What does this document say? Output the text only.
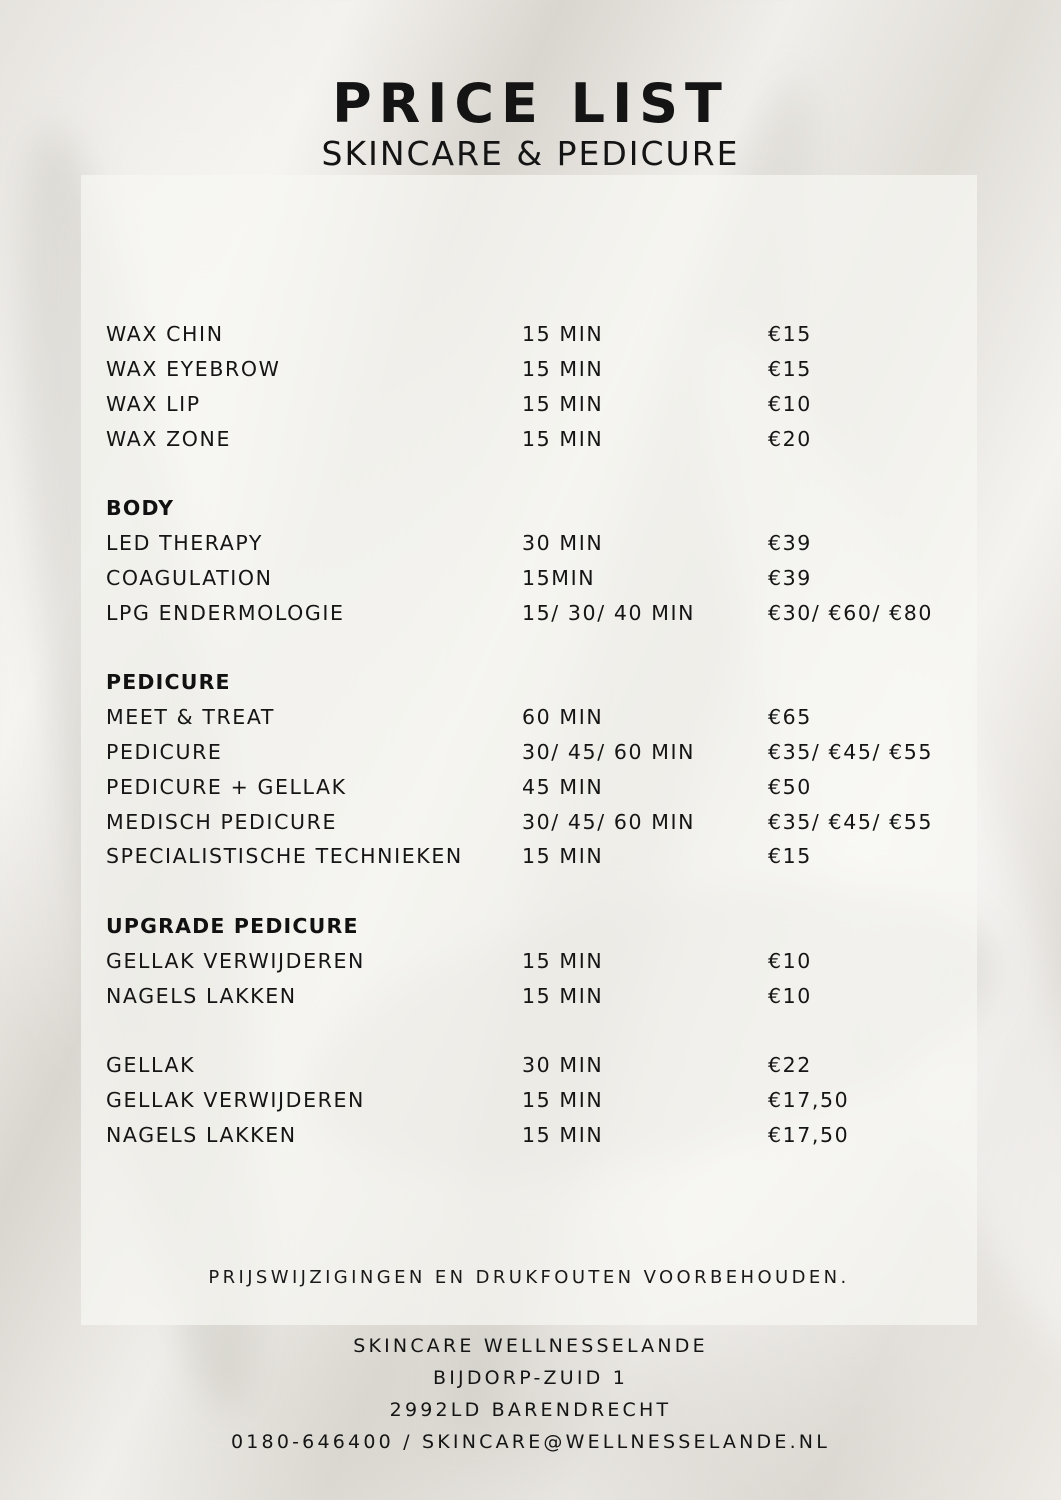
PRICE LIST
SKINCARE & PEDICURE
WAX CHIN	15 MIN	€15
WAX EYEBROW	15 MIN	€15
WAX LIP	15 MIN	€10
WAX ZONE	15 MIN	€20
BODY
LED THERAPY	30 MIN	€39
COAGULATION	15MIN	€39
LPG ENDERMOLOGIE	15/ 30/ 40 MIN	€30/ €60/ €80
PEDICURE
MEET & TREAT	60 MIN	€65
PEDICURE	30/ 45/ 60 MIN	€35/ €45/ €55
PEDICURE + GELLAK	45 MIN	€50
MEDISCH PEDICURE	30/ 45/ 60 MIN	€35/ €45/ €55
SPECIALISTISCHE TECHNIEKEN	15 MIN	€15
UPGRADE PEDICURE
GELLAK VERWIJDEREN	15 MIN	€10
NAGELS LAKKEN	15 MIN	€10
GELLAK	30 MIN	€22
GELLAK VERWIJDEREN	15 MIN	€17,50
NAGELS LAKKEN	15 MIN	€17,50
PRIJSWIJZIGINGEN EN DRUKFOUTEN VOORBEHOUDEN.
SKINCARE WELLNESSELANDE
BIJDORP-ZUID 1
2992LD BARENDRECHT
0180-646400 / SKINCARE@WELLNESSELANDE.NL
